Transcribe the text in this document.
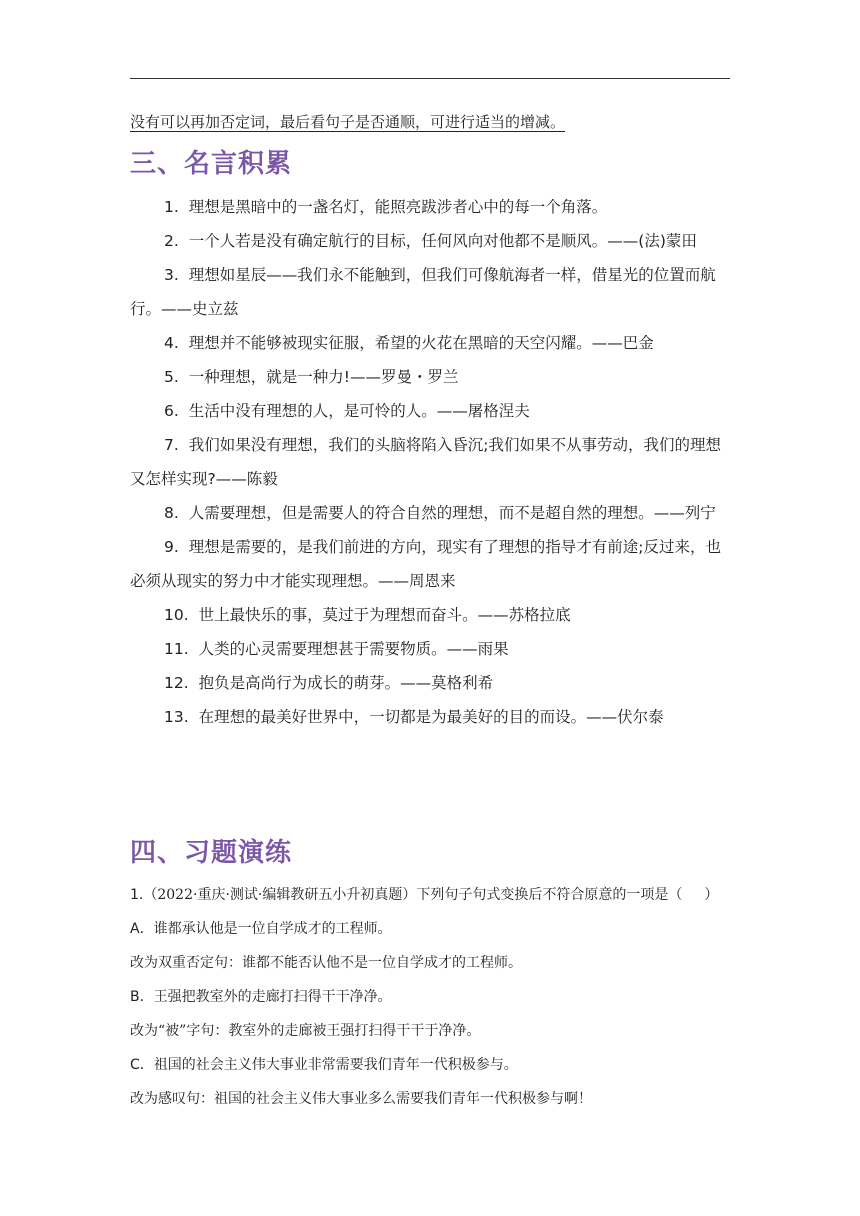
没有可以再加否定词，最后看句子是否通顺，可进行适当的增减。
三、名言积累
1. 理想是黑暗中的一盏名灯，能照亮跋涉者心中的每一个角落。
2. 一个人若是没有确定航行的目标，任何风向对他都不是顺风。——(法)蒙田
3. 理想如星辰——我们永不能触到，但我们可像航海者一样，借星光的位置而航行。——史立兹
4. 理想并不能够被现实征服，希望的火花在黑暗的天空闪耀。——巴金
5. 一种理想，就是一种力!——罗曼・罗兰
6. 生活中没有理想的人，是可怜的人。——屠格涅夫
7. 我们如果没有理想，我们的头脑将陷入昏沉;我们如果不从事劳动，我们的理想又怎样实现?——陈毅
8. 人需要理想，但是需要人的符合自然的理想，而不是超自然的理想。——列宁
9. 理想是需要的，是我们前进的方向，现实有了理想的指导才有前途;反过来，也必须从现实的努力中才能实现理想。——周恩来
10. 世上最快乐的事，莫过于为理想而奋斗。——苏格拉底
11. 人类的心灵需要理想甚于需要物质。——雨果
12. 抱负是高尚行为成长的萌芽。——莫格利希
13. 在理想的最美好世界中，一切都是为最美好的目的而设。——伏尔泰
四、习题演练
1.（2022·重庆·测试·编辑教研五小升初真题）下列句子句式变换后不符合原意的一项是（ ）
A．谁都承认他是一位自学成才的工程师。
改为双重否定句：谁都不能否认他不是一位自学成才的工程师。
B．王强把教室外的走廊打扫得干干净净。
改为“被”字句：教室外的走廊被王强打扫得干干于净净。
C．祖国的社会主义伟大事业非常需要我们青年一代积极参与。
改为感叹句：祖国的社会主义伟大事业多么需要我们青年一代积极参与啊！
